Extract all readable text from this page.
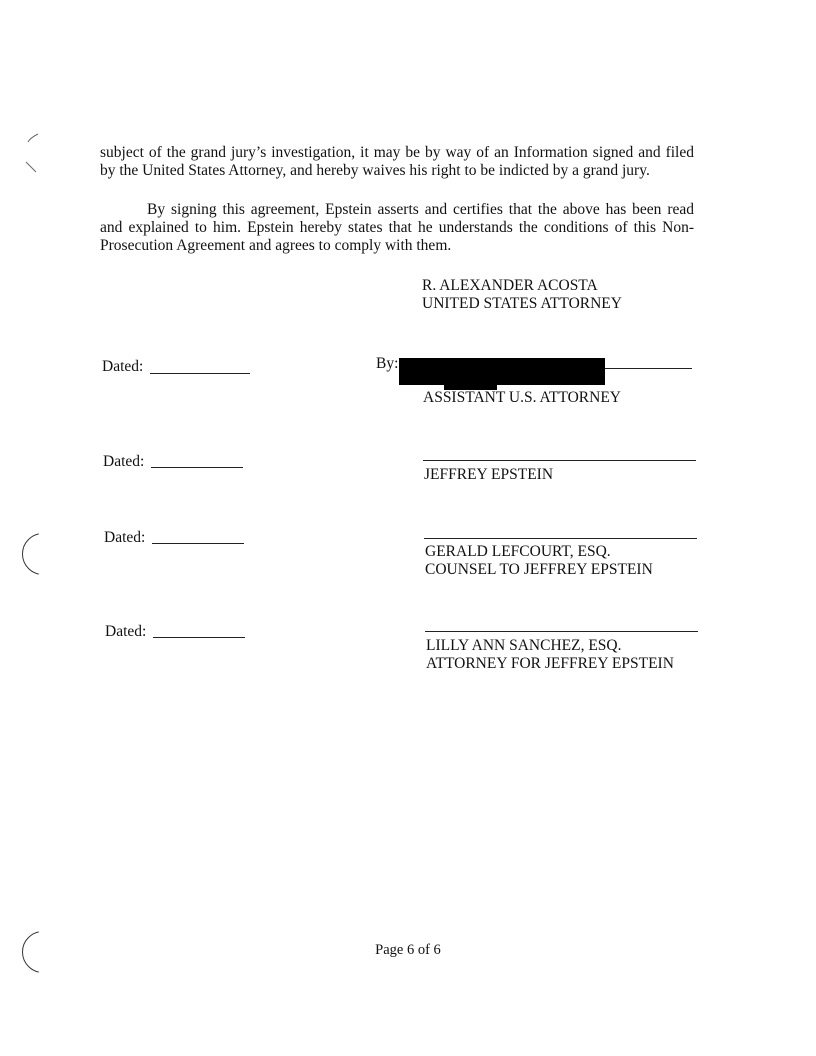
subject of the grand jury’s investigation, it may be by way of an Information signed and filed by the United States Attorney, and hereby waives his right to be indicted by a grand jury.
By signing this agreement, Epstein asserts and certifies that the above has been read and explained to him. Epstein hereby states that he understands the conditions of this Non-Prosecution Agreement and agrees to comply with them.
R. ALEXANDER ACOSTA
UNITED STATES ATTORNEY
Dated:	By:
ASSISTANT U.S. ATTORNEY
Dated:
JEFFREY EPSTEIN
Dated:
GERALD LEFCOURT, ESQ.
COUNSEL TO JEFFREY EPSTEIN
Dated:
LILLY ANN SANCHEZ, ESQ.
ATTORNEY FOR JEFFREY EPSTEIN
Page 6 of 6
